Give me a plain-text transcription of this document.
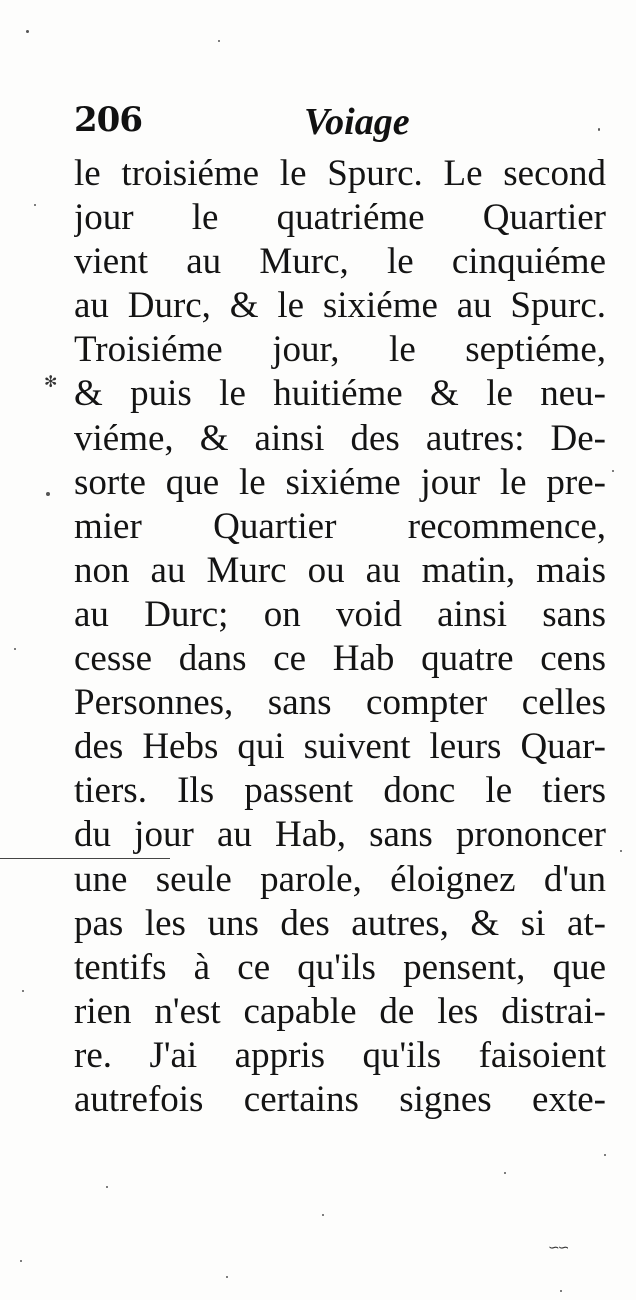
206	Voiage
le troisiéme le Spurc. Le second
jour le quatriéme Quartier
vient au Murc, le cinquiéme
au Durc, & le sixiéme au Spurc.
Troisiéme jour, le septiéme,
& puis le huitiéme & le neu-
viéme, & ainsi des autres: De-
sorte que le sixiéme jour le pre-
mier Quartier recommence,
non au Murc ou au matin, mais
au Durc; on void ainsi sans
cesse dans ce Hab quatre cens
Personnes, sans compter celles
des Hebs qui suivent leurs Quar-
tiers. Ils passent donc le tiers
du jour au Hab, sans prononcer
une seule parole, éloignez d'un
pas les uns des autres, & si at-
tentifs à ce qu'ils pensent, que
rien n'est capable de les distrai-
re. J'ai appris qu'ils faisoient
autrefois certains signes exte-
✻
∽∽
